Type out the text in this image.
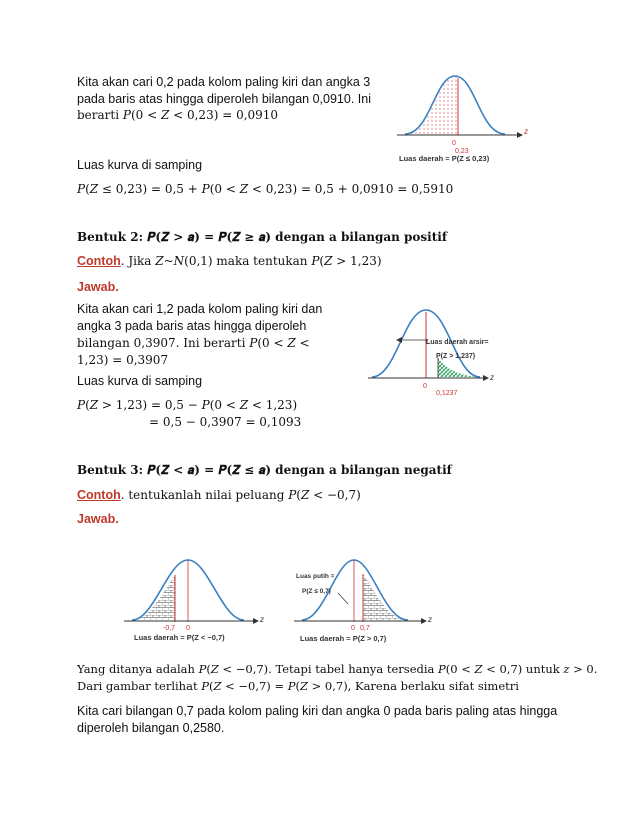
Kita akan cari 0,2 pada kolom paling kiri dan angka 3
pada baris atas hingga diperoleh bilangan 0,0910. Ini
berarti 𝑃(0 < 𝑍 < 0,23) = 0,0910
z
0
0,23
Luas daerah = P(Z ≤ 0,23)
Luas kurva di samping
𝑃(𝑍 ≤ 0,23) = 0,5 + 𝑃(0 < 𝑍 < 0,23) = 0,5 + 0,0910 = 0,5910
Bentuk 2: 𝑷(𝒁 > 𝒂) = 𝑷(𝒁 ≥ 𝒂) dengan a bilangan positif
Contoh. Jika 𝑍~𝑁(0,1) maka tentukan 𝑃(𝑍 > 1,23)
Jawab.
Kita akan cari 1,2 pada kolom paling kiri dan
angka 3 pada baris atas hingga diperoleh
bilangan 0,3907. Ini berarti 𝑃(0 < 𝑍 <
1,23) = 0,3907
z
Luas daerah arsir=
P(Z > 1,237)
0
0,1237
Luas kurva di samping
𝑃(𝑍 > 1,23) = 0,5 − 𝑃(0 < 𝑍 < 1,23)
= 0,5 − 0,3907 = 0,1093
Bentuk 3: 𝑷(𝒁 < 𝒂) = 𝑷(𝒁 ≤ 𝒂) dengan a bilangan negatif
Contoh. tentukanlah nilai peluang 𝑃(𝑍 < −0,7)
Jawab.
z
-0,7 0
Luas daerah = P(Z < −0,7)
z
Luas putih =
P(Z ≤ 0,7)
0 0,7
Luas daerah = P(Z > 0,7)
Yang ditanya adalah 𝑃(𝑍 < −0,7). Tetapi tabel hanya tersedia 𝑃(0 < 𝑍 < 0,7) untuk 𝑧 > 0.
Dari gambar terlihat 𝑃(𝑍 < −0,7) = 𝑃(𝑍 > 0,7), Karena berlaku sifat simetri
Kita cari bilangan 0,7 pada kolom paling kiri dan angka 0 pada baris paling atas hingga
diperoleh bilangan 0,2580.
